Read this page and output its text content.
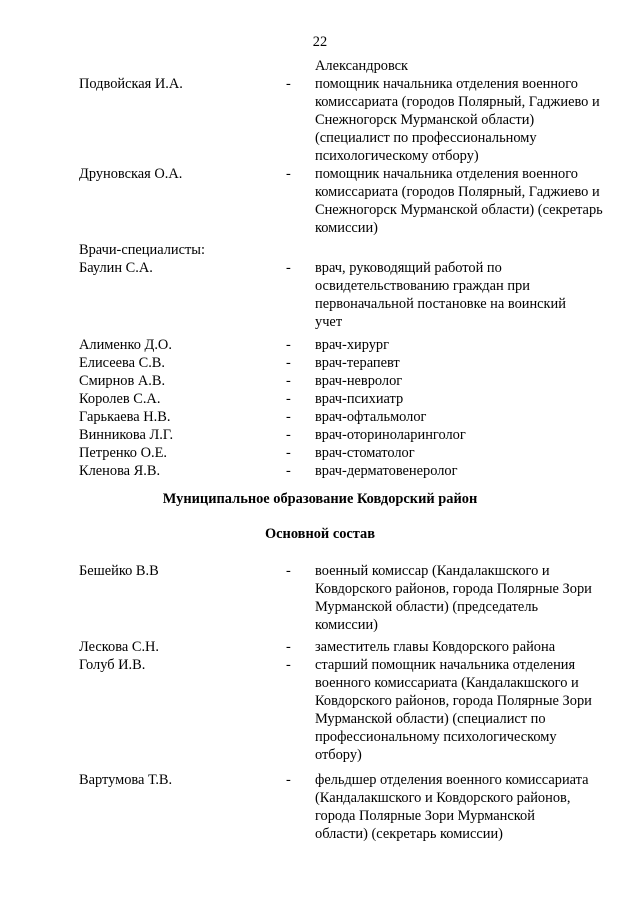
22
Александровск
Подвойская И.А.	- помощник начальника отделения военного комиссариата (городов Полярный, Гаджиево и Снежногорск Мурманской области) (специалист по профессиональному психологическому отбору)
Друновская О.А.	- помощник начальника отделения военного комиссариата (городов Полярный, Гаджиево и Снежногорск Мурманской области) (секретарь комиссии)
Врачи-специалисты:
Баулин С.А.	- врач, руководящий работой по освидетельствованию граждан при первоначальной постановке на воинский учет
Алименко Д.О.	- врач-хирург
Елисеева С.В.	- врач-терапевт
Смирнов А.В.	- врач-невролог
Королев С.А.	- врач-психиатр
Гарькаева Н.В.	- врач-офтальмолог
Винникова Л.Г.	- врач-оториноларинголог
Петренко О.Е.	- врач-стоматолог
Кленова Я.В.	- врач-дерматовенеролог
Муниципальное образование Ковдорский район
Основной состав
Бешейко В.В	- военный комиссар (Кандалакшского и Ковдорского районов, города Полярные Зори Мурманской области) (председатель комиссии)
Лескова С.Н.	- заместитель главы Ковдорского района
Голуб И.В.	- старший помощник начальника отделения военного комиссариата (Кандалакшского и Ковдорского районов, города Полярные Зори Мурманской области) (специалист по профессиональному психологическому отбору)
Вартумова Т.В.	- фельдшер отделения военного комиссариата (Кандалакшского и Ковдорского районов, города Полярные Зори Мурманской области) (секретарь комиссии)
